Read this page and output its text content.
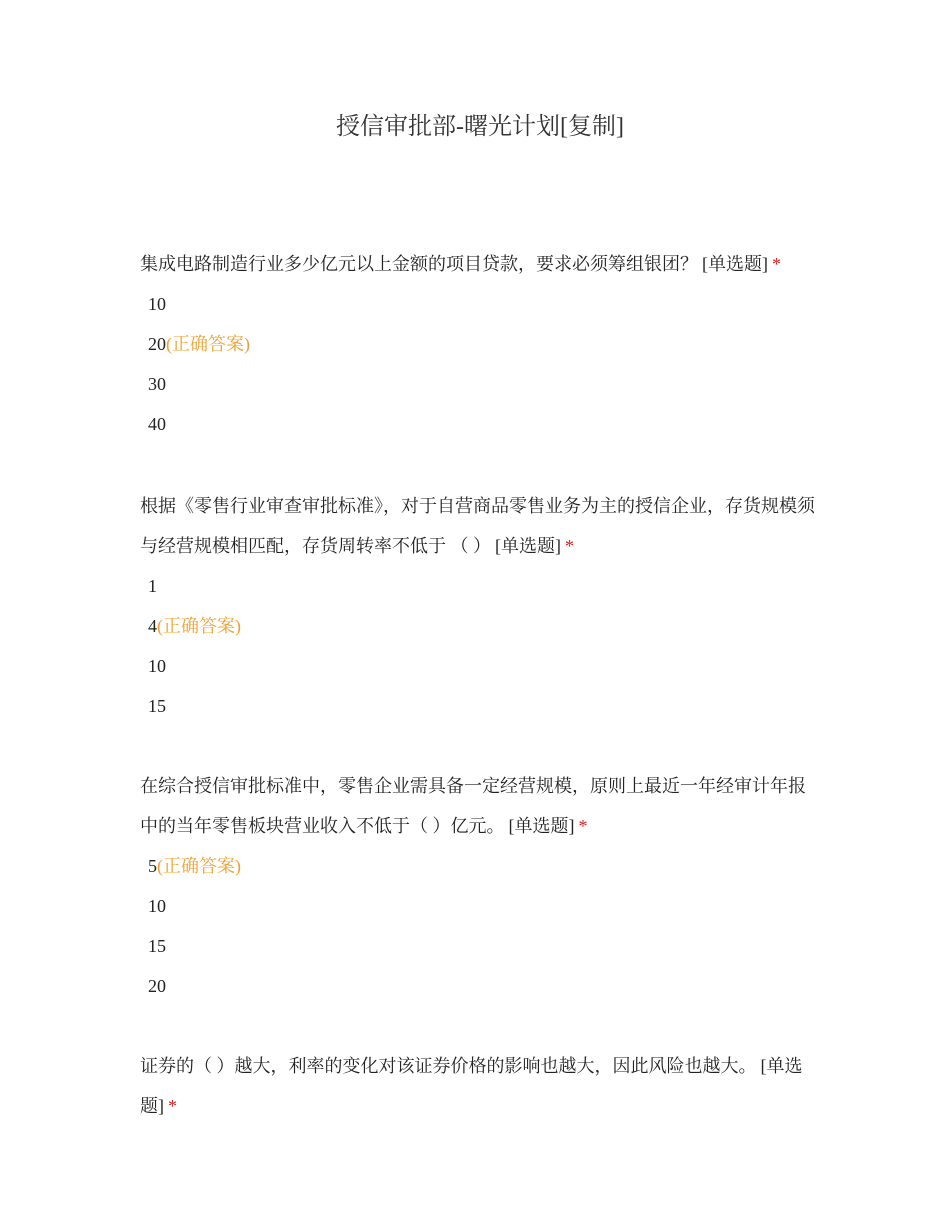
授信审批部-曙光计划[复制]
集成电路制造行业多少亿元以上金额的项目贷款，要求必须筹组银团？ [单选题] *
10
20(正确答案)
30
40
根据《零售行业审查审批标准》，对于自营商品零售业务为主的授信企业，存货规模须与经营规模相匹配，存货周转率不低于 （ ） [单选题] *
1
4(正确答案)
10
15
在综合授信审批标准中，零售企业需具备一定经营规模，原则上最近一年经审计年报中的当年零售板块营业收入不低于（ ）亿元。 [单选题] *
5(正确答案)
10
15
20
证券的（ ）越大，利率的变化对该证券价格的影响也越大，因此风险也越大。 [单选题] *
